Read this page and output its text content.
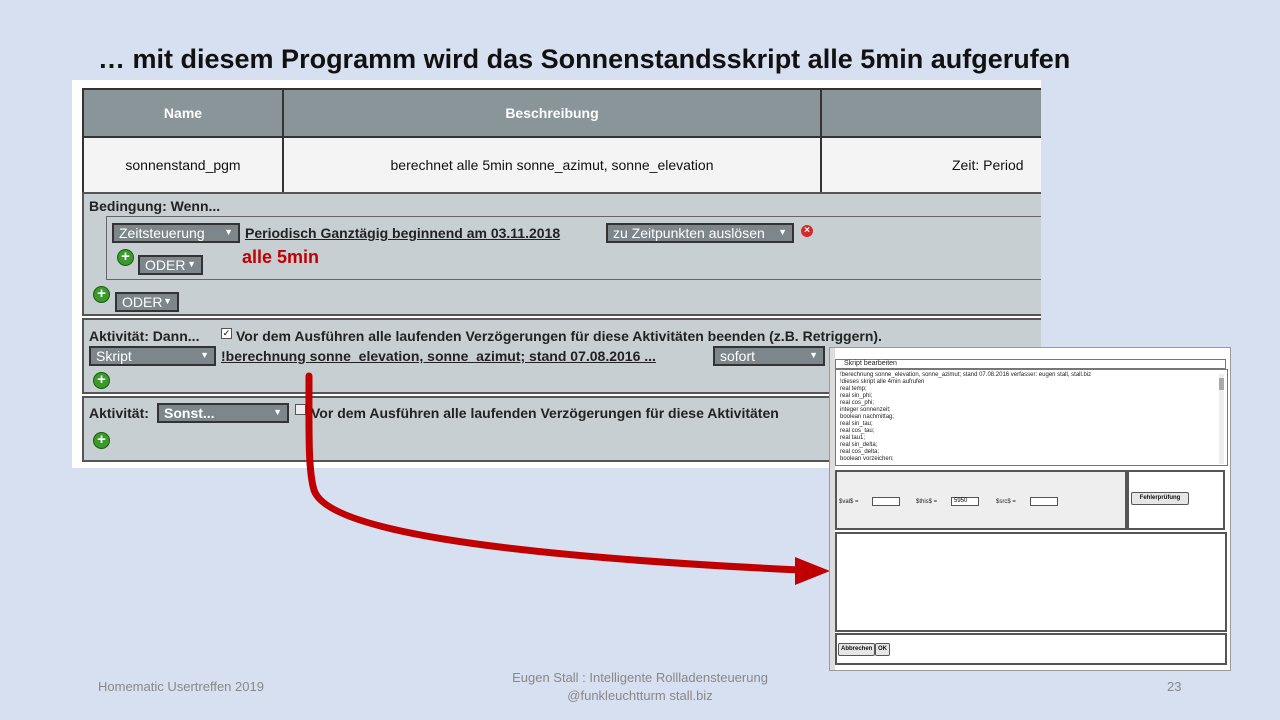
… mit diesem Programm wird das Sonnenstandsskript alle 5min aufgerufen
Name	Beschreibung
sonnenstand_pgm	berechnet alle 5min sonne_azimut, sonne_elevation	Zeit: Period
Bedingung: Wenn...
Zeitsteuerung ▼ Periodisch Ganztägig beginnend am 03.11.2018	zu Zeitpunkten auslösen ▼	×
+ ODER ▼	alle 5min
+ ODER ▼
Aktivität: Dann...	✓ Vor dem Ausführen alle laufenden Verzögerungen für diese Aktivitäten beenden (z.B. Retriggern).
Skript	▼ !berechnung sonne_elevation, sonne_azimut; stand 07.08.2016 ...	sofort	▼
+
Aktivität: Sonst...	▼ Vor dem Ausführen alle laufenden Verzögerungen für diese Aktivitäten
+
Skript bearbeiten
!berechnung sonne_elevation, sonne_azimut; stand 07.08.2016 verfasser: eugen stall, stall.biz
!dieses skript alle 4min aufrufen
real temp;
real sin_phi;
real cos_phi;
integer sonnenzeit;
boolean nachmittag;
real sin_tau;
real cos_tau;
real tau1;
real sin_delta;
real cos_delta;
boolean vorzeichen;
$val$ =	$this$ =	5950	$src$ =
Fehlerprüfung
Abbrechen OK
Homematic Usertreffen 2019
Eugen Stall : Intelligente Rollladensteuerung
@funkleuchtturm stall.biz
23
